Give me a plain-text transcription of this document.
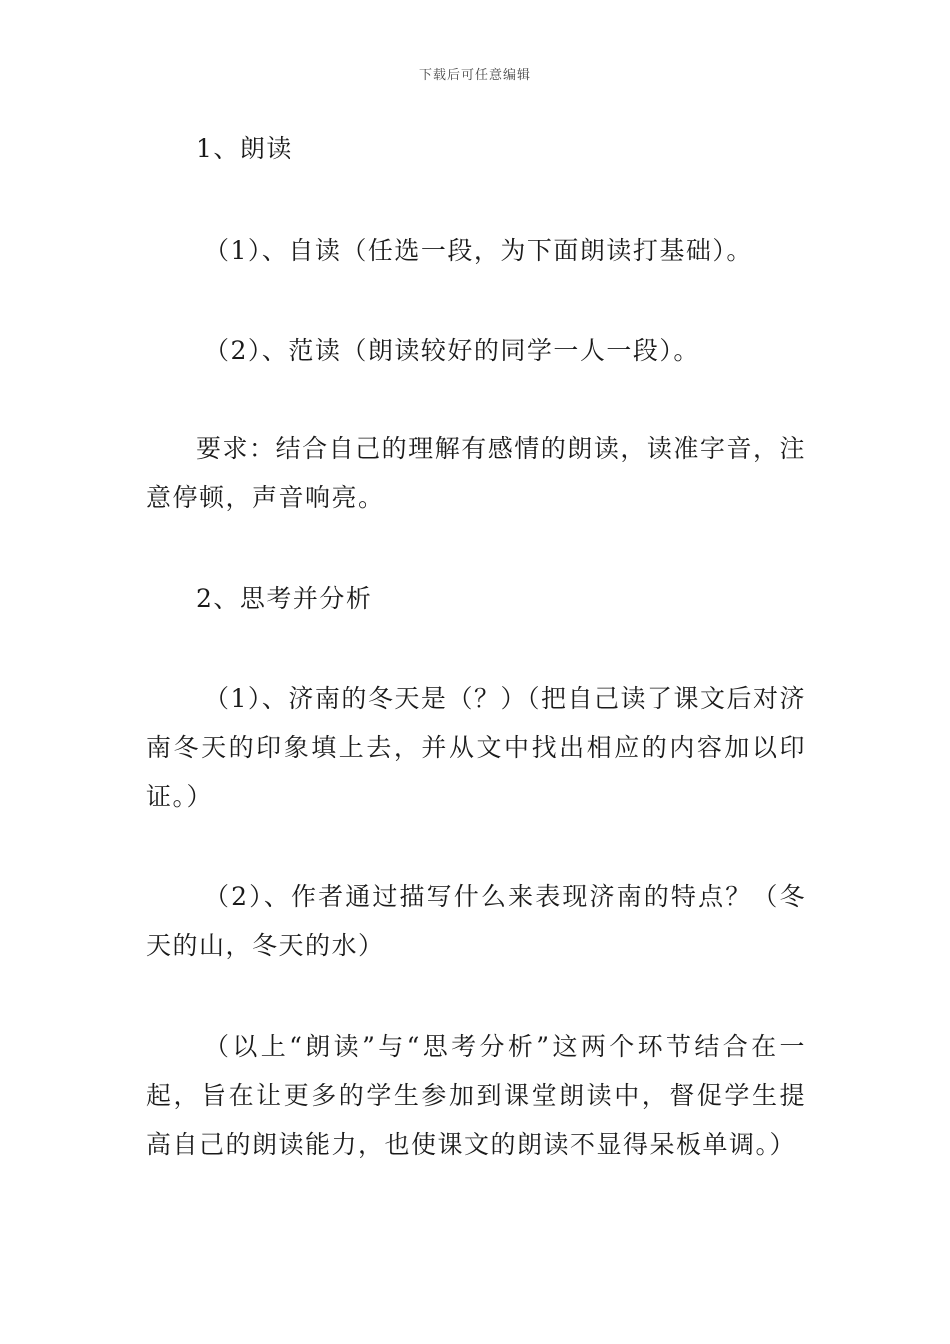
下载后可任意编辑

1、朗读

（1）、自读（任选一段，为下面朗读打基础）。

（2）、范读（朗读较好的同学一人一段）。

要求：结合自己的理解有感情的朗读，读准字音，注意停顿，声音响亮。

2、思考并分析

（1）、济南的冬天是（？）（把自己读了课文后对济南冬天的印象填上去，并从文中找出相应的内容加以印证。）

（2）、作者通过描写什么来表现济南的特点？（冬天的山，冬天的水）

（以上“朗读”与“思考分析”这两个环节结合在一起，旨在让更多的学生参加到课堂朗读中，督促学生提高自己的朗读能力，也使课文的朗读不显得呆板单调。）
